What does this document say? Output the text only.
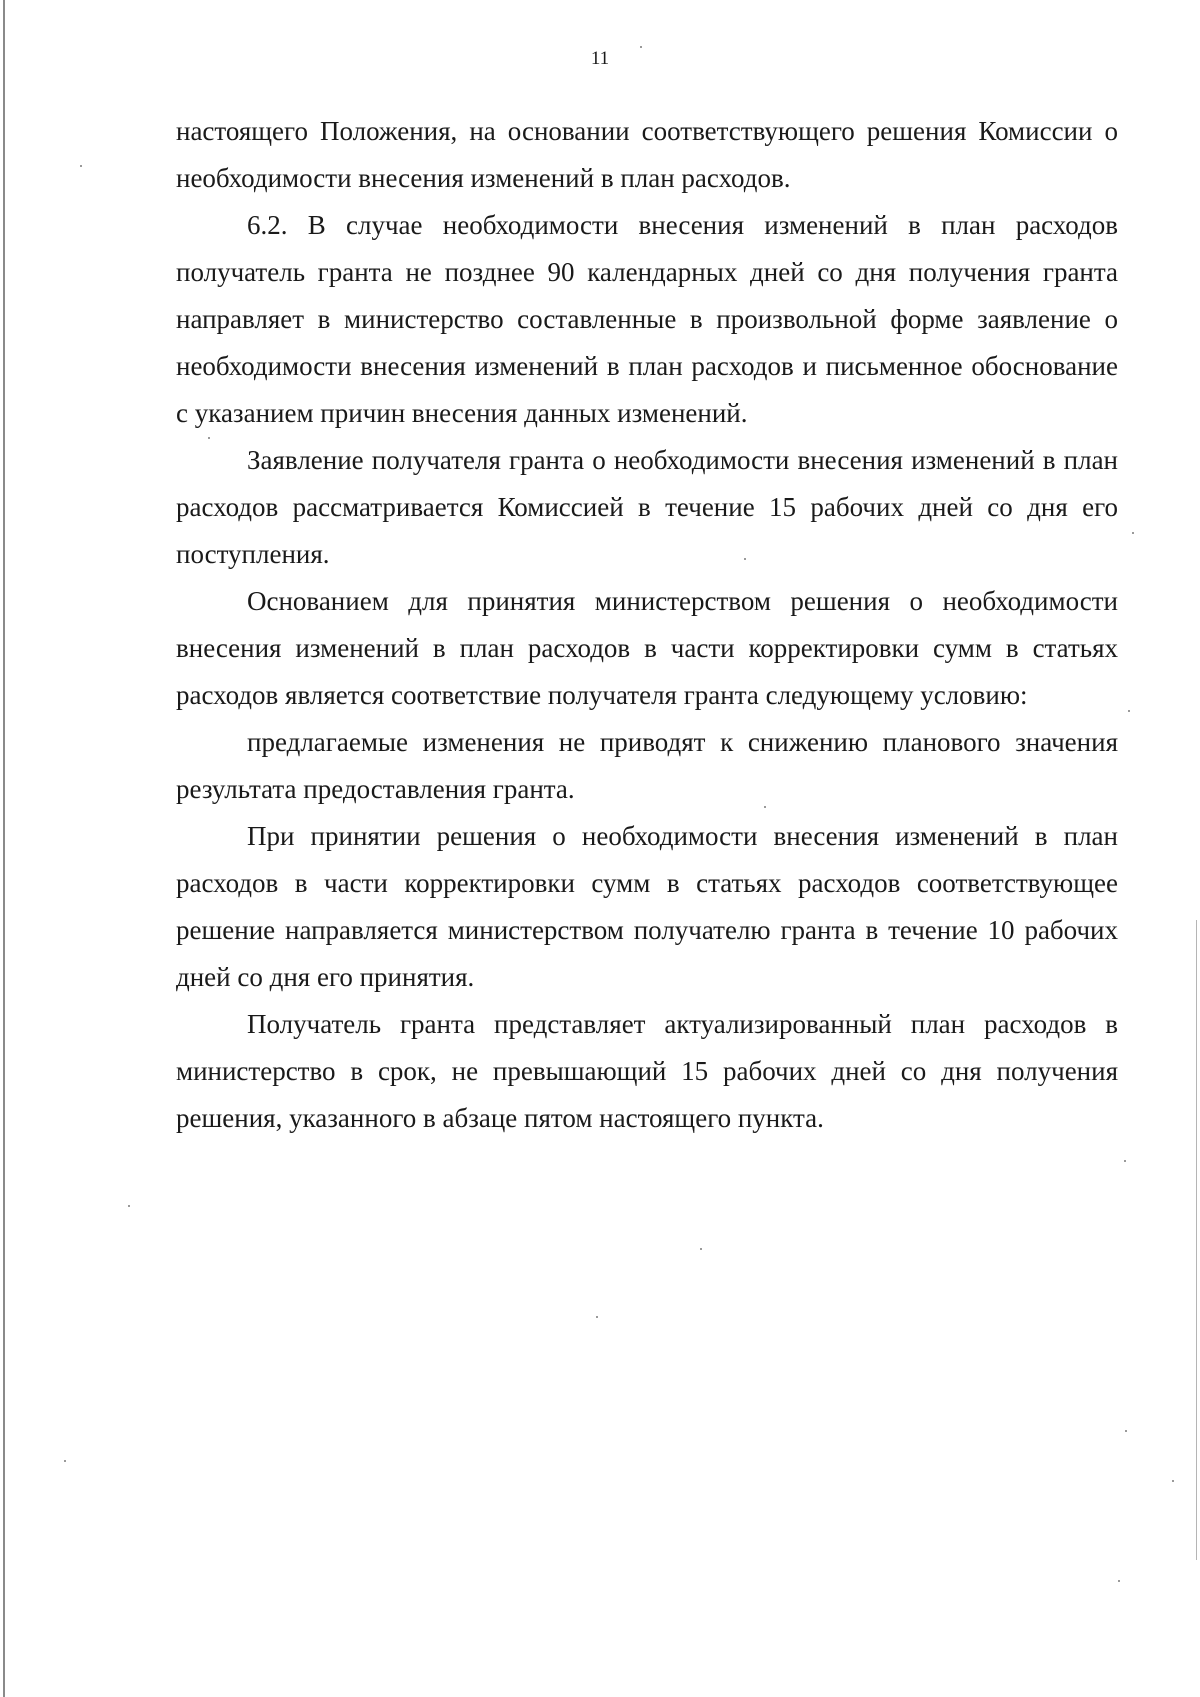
11

настоящего Положения, на основании соответствующего решения Комиссии о необходимости внесения изменений в план расходов.

6.2. В случае необходимости внесения изменений в план расходов получатель гранта не позднее 90 календарных дней со дня получения гранта направляет в министерство составленные в произвольной форме заявление о необходимости внесения изменений в план расходов и письменное обоснование с указанием причин внесения данных изменений.

Заявление получателя гранта о необходимости внесения изменений в план расходов рассматривается Комиссией в течение 15 рабочих дней со дня его поступления.

Основанием для принятия министерством решения о необходимости внесения изменений в план расходов в части корректировки сумм в статьях расходов является соответствие получателя гранта следующему условию:

предлагаемые изменения не приводят к снижению планового значения результата предоставления гранта.

При принятии решения о необходимости внесения изменений в план расходов в части корректировки сумм в статьях расходов соответствующее решение направляется министерством получателю гранта в течение 10 рабочих дней со дня его принятия.

Получатель гранта представляет актуализированный план расходов в министерство в срок, не превышающий 15 рабочих дней со дня получения решения, указанного в абзаце пятом настоящего пункта.
